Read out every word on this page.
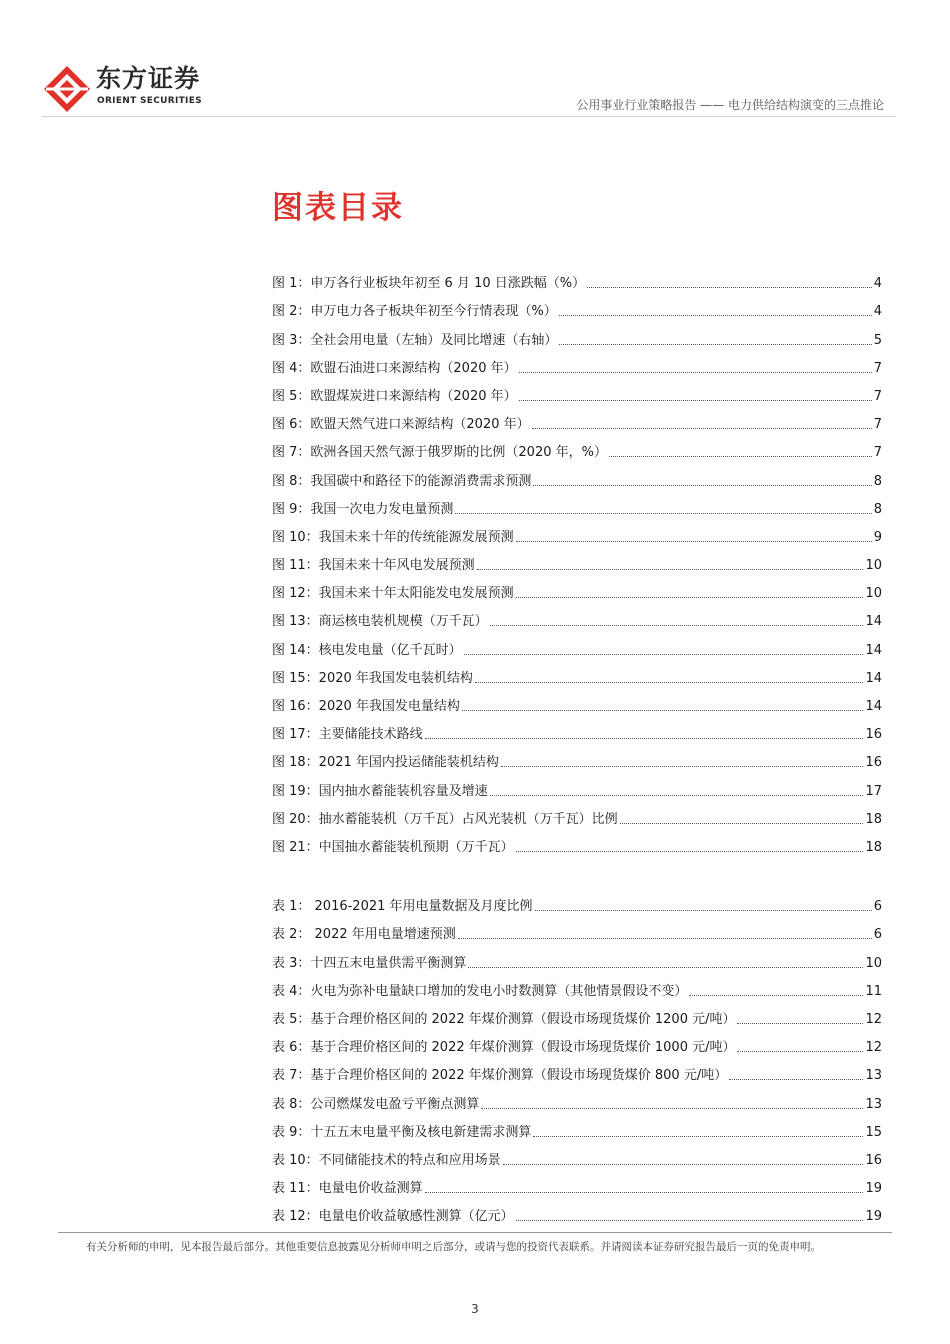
东方证券
ORIENT SECURITIES	公用事业行业策略报告 —— 电力供给结构演变的三点推论
图表目录
图 1：申万各行业板块年初至 6 月 10 日涨跌幅（%）	4
图 2：申万电力各子板块年初至今行情表现（%）	4
图 3：全社会用电量（左轴）及同比增速（右轴）	5
图 4：欧盟石油进口来源结构（2020 年）	7
图 5：欧盟煤炭进口来源结构（2020 年）	7
图 6：欧盟天然气进口来源结构（2020 年）	7
图 7：欧洲各国天然气源于俄罗斯的比例（2020 年，%）	7
图 8：我国碳中和路径下的能源消费需求预测	8
图 9：我国一次电力发电量预测	8
图 10：我国未来十年的传统能源发展预测	9
图 11：我国未来十年风电发展预测	10
图 12：我国未来十年太阳能发电发展预测	10
图 13：商运核电装机规模（万千瓦）	14
图 14：核电发电量（亿千瓦时）	14
图 15：2020 年我国发电装机结构	14
图 16：2020 年我国发电量结构	14
图 17：主要储能技术路线	16
图 18：2021 年国内投运储能装机结构	16
图 19：国内抽水蓄能装机容量及增速	17
图 20：抽水蓄能装机（万千瓦）占风光装机（万千瓦）比例	18
图 21：中国抽水蓄能装机预期（万千瓦）	18
表 1： 2016-2021 年用电量数据及月度比例	6
表 2： 2022 年用电量增速预测	6
表 3：十四五末电量供需平衡测算	10
表 4：火电为弥补电量缺口增加的发电小时数测算（其他情景假设不变）	11
表 5：基于合理价格区间的 2022 年煤价测算（假设市场现货煤价 1200 元/吨）	12
表 6：基于合理价格区间的 2022 年煤价测算（假设市场现货煤价 1000 元/吨）	12
表 7：基于合理价格区间的 2022 年煤价测算（假设市场现货煤价 800 元/吨）	13
表 8：公司燃煤发电盈亏平衡点测算	13
表 9：十五五末电量平衡及核电新建需求测算	15
表 10：不同储能技术的特点和应用场景	16
表 11：电量电价收益测算	19
表 12：电量电价收益敏感性测算（亿元）	19
有关分析师的申明，见本报告最后部分。其他重要信息披露见分析师申明之后部分，或请与您的投资代表联系。并请阅读本证券研究报告最后一页的免责申明。
3
